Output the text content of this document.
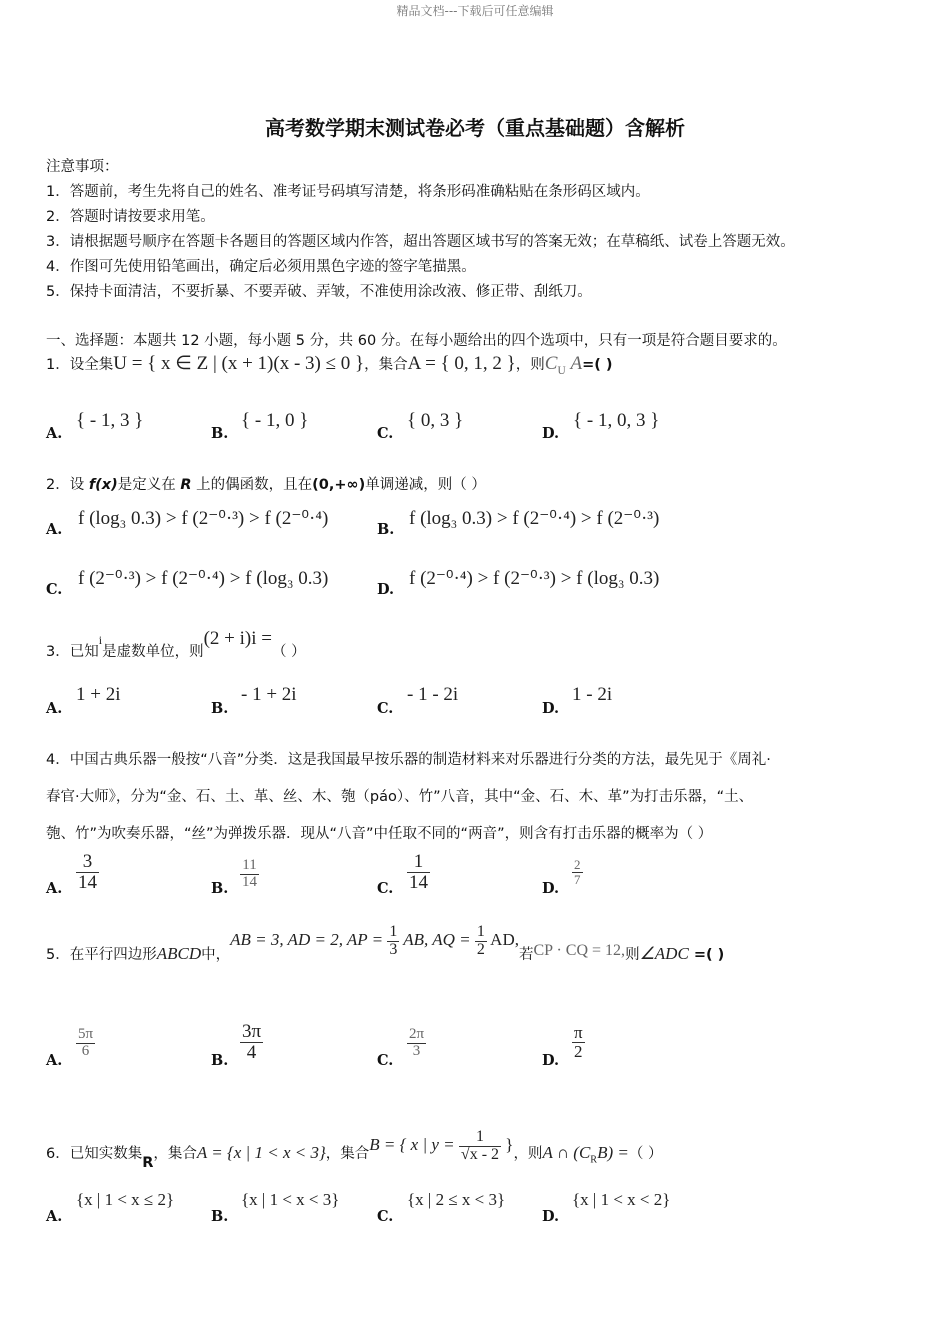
精品文档---下载后可任意编辑
高考数学期末测试卷必考（重点基础题）含解析
注意事项：
1．答题前，考生先将自己的姓名、准考证号码填写清楚，将条形码准确粘贴在条形码区域内。
2．答题时请按要求用笔。
3．请根据题号顺序在答题卡各题目的答题区域内作答，超出答题区域书写的答案无效；在草稿纸、试卷上答题无效。
4．作图可先使用铅笔画出，确定后必须用黑色字迹的签字笔描黑。
5．保持卡面清洁，不要折暴、不要弄破、弄皱，不准使用涂改液、修正带、刮纸刀。
一、选择题：本题共 12 小题，每小题 5 分，共 60 分。在每小题给出的四个选项中，只有一项是符合题目要求的。
1．设全集U = { x ∈ Z | (x + 1)(x - 3) ≤ 0 }，集合A = { 0, 1, 2 }，则$C_U$ A=( )
A.
{ - 1, 3 }
B.
{ - 1, 0 }
C.
{ 0, 3 }
D.
{ - 1, 0, 3 }
2．设 f(x)是定义在 R 上的偶函数，且在(0,+∞)单调递减，则（ ）
A.
f (log₃ 0.3) > f (2⁻⁰·³) > f (2⁻⁰·⁴)
B.
f (log₃ 0.3) > f (2⁻⁰·⁴) > f (2⁻⁰·³)
C.
f (2⁻⁰·³) > f (2⁻⁰·⁴) > f (log₃ 0.3)
D.
f (2⁻⁰·⁴) > f (2⁻⁰·³) > f (log₃ 0.3)
3．已知$^i$是虚数单位，则(2 + i)i =（ ）
A.
1 + 2i
B.
- 1 + 2i
C.
- 1 - 2i
D.
1 - 2i
4．中国古典乐器一般按“八音”分类．这是我国最早按乐器的制造材料来对乐器进行分类的方法，最先见于《周礼·
春官·大师》，分为“金、石、土、革、丝、木、匏（páo）、竹”八音，其中“金、石、木、革”为打击乐器，“土、
匏、竹”为吹奏乐器，“丝”为弹拨乐器．现从“八音”中任取不同的“两音”，则含有打击乐器的概率为（ ）
A. $\frac{3}{14}$	B. $\frac{11}{14}$	C. $\frac{1}{14}$	D.
$\frac{2}{7}$
5．在平行四边形ABCD中，AB = 3, AD = 2, AP = $\frac{1}{3}$ AB, AQ = $\frac{1}{2}$ AD,若CP · CQ = 12,则∠ADC =( )
A.
$\frac{5\pi}{6}$
B. $\frac{3\pi}{4}$	C.
$\frac{2\pi}{3}$
D. $\frac{\pi}{2}$
6．已知实数集R，集合A = {x | 1 < x < 3}，集合B = { x | $y = \frac{1}{√x - 2}$ }，则A ∩ $(C_RB)$ =（ ）
A.
{x | 1 < x ≤ 2}
B.
{x | 1 < x < 3}
C.
{x | 2 ≤ x < 3}
D.
{x | 1 < x < 2}
